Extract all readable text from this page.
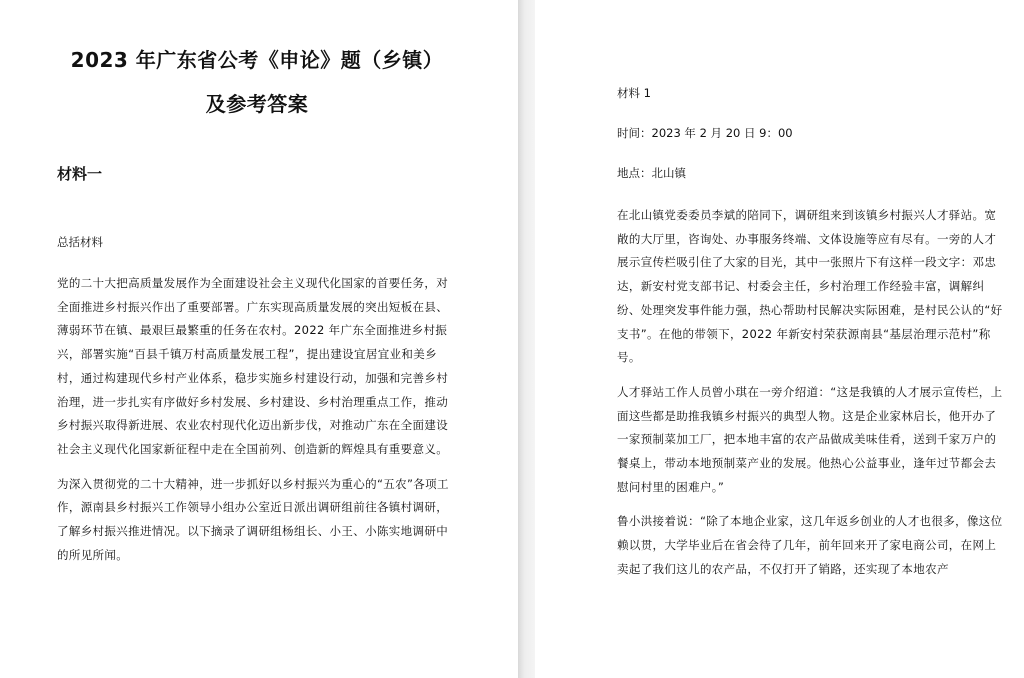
2023 年广东省公考《申论》题（乡镇）

及参考答案

材料一

总括材料

党的二十大把高质量发展作为全面建设社会主义现代化国家的首要任务，对全面推进乡村振兴作出了重要部署。广东实现高质量发展的突出短板在县、薄弱环节在镇、最艰巨最繁重的任务在农村。2022 年广东全面推进乡村振兴，部署实施“百县千镇万村高质量发展工程”，提出建设宜居宜业和美乡村，通过构建现代乡村产业体系，稳步实施乡村建设行动，加强和完善乡村治理，进一步扎实有序做好乡村发展、乡村建设、乡村治理重点工作，推动乡村振兴取得新进展、农业农村现代化迈出新步伐，对推动广东在全面建设社会主义现代化国家新征程中走在全国前列、创造新的辉煌具有重要意义。

为深入贯彻党的二十大精神，进一步抓好以乡村振兴为重心的“五农”各项工作，源南县乡村振兴工作领导小组办公室近日派出调研组前往各镇村调研，了解乡村振兴推进情况。以下摘录了调研组杨组长、小王、小陈实地调研中的所见所闻。

材料 1

时间：2023 年 2 月 20 日 9：00

地点：北山镇

在北山镇党委委员李斌的陪同下，调研组来到该镇乡村振兴人才驿站。宽敞的大厅里，咨询处、办事服务终端、文体设施等应有尽有。一旁的人才展示宣传栏吸引住了大家的目光，其中一张照片下有这样一段文字：邓忠达，新安村党支部书记、村委会主任，乡村治理工作经验丰富，调解纠纷、处理突发事件能力强，热心帮助村民解决实际困难，是村民公认的“好支书”。在他的带领下，2022 年新安村荣获源南县“基层治理示范村”称号。

人才驿站工作人员曾小琪在一旁介绍道：“这是我镇的人才展示宣传栏，上面这些都是助推我镇乡村振兴的典型人物。这是企业家林启长，他开办了一家预制菜加工厂，把本地丰富的农产品做成美味佳肴，送到千家万户的餐桌上，带动本地预制菜产业的发展。他热心公益事业，逢年过节都会去慰问村里的困难户。”

鲁小洪接着说：“除了本地企业家，这几年返乡创业的人才也很多，像这位赖以贯，大学毕业后在省会待了几年，前年回来开了家电商公司，在网上卖起了我们这儿的农产品，不仅打开了销路，还实现了本地农产
